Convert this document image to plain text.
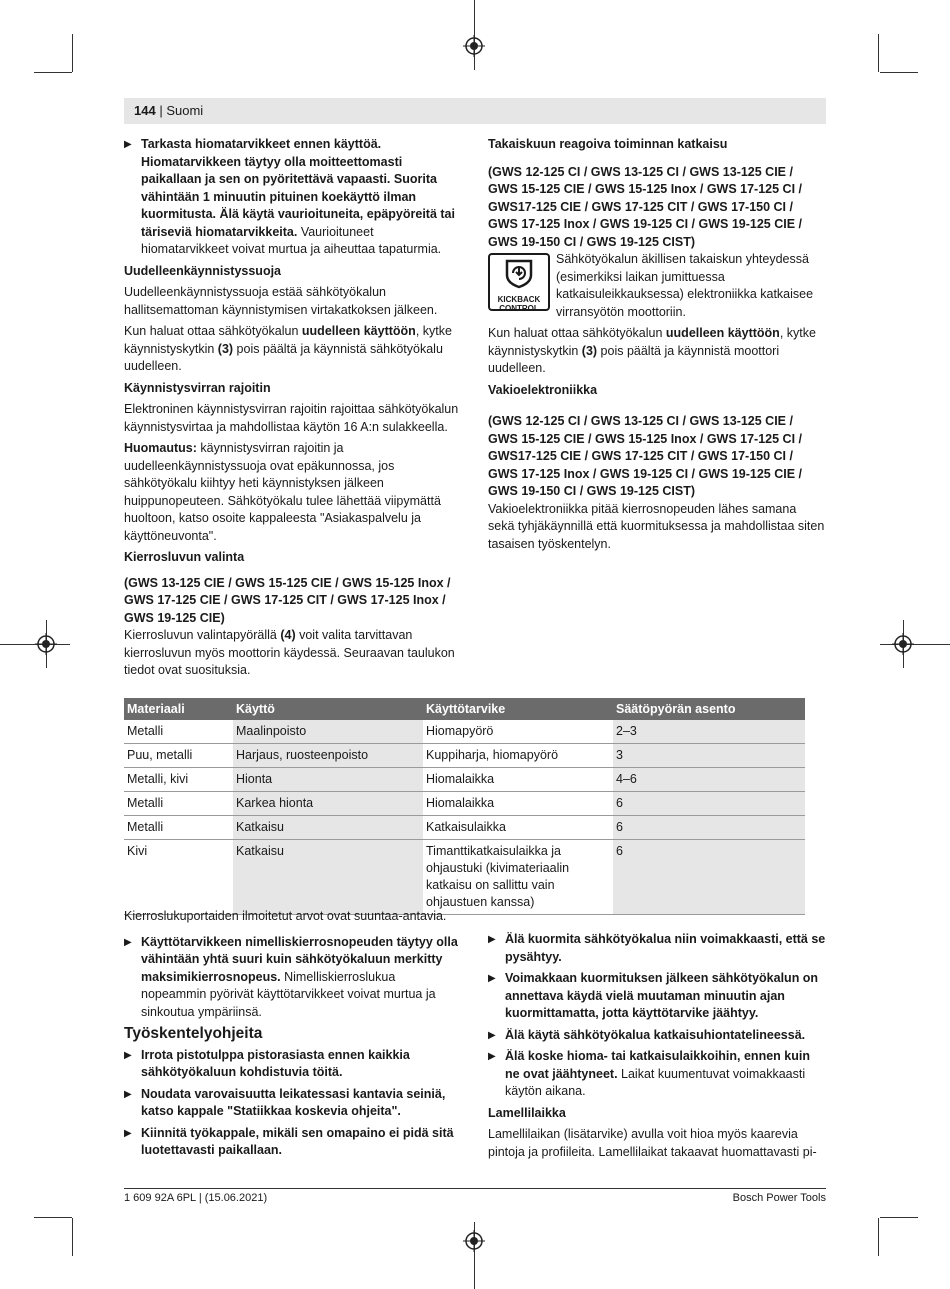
144 | Suomi

▶ Tarkasta hiomatarvikkeet ennen käyttöä. Hiomatarvikkeen täytyy olla moitteettomasti paikallaan ja sen on pyöritettävä vapaasti. Suorita vähintään 1 minuutin pituinen koekäyttö ilman kuormitusta. Älä käytä vaurioituneita, epäpyöreitä tai täriseviä hiomatarvikkeita. Vaurioituneet hiomatarvikkeet voivat murtua ja aiheuttaa tapaturmia.

Uudelleenkäynnistyssuoja

Uudelleenkäynnistyssuoja estää sähkötyökalun hallitsemattoman käynnistymisen virtakatkoksen jälkeen.

Kun haluat ottaa sähkötyökalun uudelleen käyttöön, kytke käynnistyskytkin (3) pois päältä ja käynnistä sähkötyökalu uudelleen.

Käynnistysvirran rajoitin

Elektroninen käynnistysvirran rajoitin rajoittaa sähkötyökalun käynnistysvirtaa ja mahdollistaa käytön 16 A:n sulakkeella.

Huomautus: käynnistysvirran rajoitin ja uudelleenkäynnistyssuoja ovat epäkunnossa, jos sähkötyökalu kiihtyy heti käynnistyksen jälkeen huippunopeuteen. Sähkötyökalu tulee lähettää viipymättä huoltoon, katso osoite kappaleesta "Asiakaspalvelu ja käyttöneuvonta".

Kierrosluvun valinta

(GWS 13-125 CIE / GWS 15-125 CIE / GWS 15-125 Inox / GWS 17-125 CIE / GWS 17-125 CIT / GWS 17-125 Inox / GWS 19-125 CIE)

Kierrosluvun valintapyörällä (4) voit valita tarvittavan kierrosluvun myös moottorin käydessä. Seuraavan taulukon tiedot ovat suosituksia.

Takaiskuun reagoiva toiminnan katkaisu

(GWS 12-125 CI / GWS 13-125 CI / GWS 13-125 CIE / GWS 15-125 CIE / GWS 15-125 Inox / GWS 17-125 CI / GWS17-125 CIE / GWS 17-125 CIT / GWS 17-150 CI / GWS 17-125 Inox / GWS 19-125 CI / GWS 19-125 CIE / GWS 19-150 CI / GWS 19-125 CIST)

KICKBACK
CONTROL

Sähkötyökalun äkillisen takaiskun yhteydessä (esimerkiksi laikan jumittuessa katkaisuleikkauksessa) elektroniikka katkaisee virransyötön moottoriin.

Kun haluat ottaa sähkötyökalun uudelleen käyttöön, kytke käynnistyskytkin (3) pois päältä ja käynnistä moottori uudelleen.

Vakioelektroniikka

(GWS 12-125 CI / GWS 13-125 CI / GWS 13-125 CIE / GWS 15-125 CIE / GWS 15-125 Inox / GWS 17-125 CI / GWS17-125 CIE / GWS 17-125 CIT / GWS 17-150 CI / GWS 17-125 Inox / GWS 19-125 CI / GWS 19-125 CIE / GWS 19-150 CI / GWS 19-125 CIST)

Vakioelektroniikka pitää kierrosnopeuden lähes samana sekä tyhjäkäynnillä että kuormituksessa ja mahdollistaa siten tasaisen työskentelyn.

Materiaali	Käyttö	Käyttötarvike	Säätöpyörän asento
Metalli	Maalinpoisto	Hiomapyörö	2–3
Puu, metalli	Harjaus, ruosteenpoisto	Kuppiharja, hiomapyörö	3
Metalli, kivi	Hionta	Hiomalaikka	4–6
Metalli	Karkea hionta	Hiomalaikka	6
Metalli	Katkaisu	Katkaisulaikka	6
Kivi	Katkaisu	Timanttikatkaisulaikka ja ohjaustuki (kivimateriaalin katkaisu on sallittu vain ohjaustuen kanssa)	6

Kierroslukuportaiden ilmoitetut arvot ovat suuntaa-antavia.

▶ Käyttötarvikkeen nimelliskierrosnopeuden täytyy olla vähintään yhtä suuri kuin sähkötyökaluun merkitty maksimikierrosnopeus. Nimelliskierroslukua nopeammin pyörivät käyttötarvikkeet voivat murtua ja sinkoutua ympäriinsä.

Työskentelyohjeita

▶ Irrota pistotulppa pistorasiasta ennen kaikkia sähkötyökaluun kohdistuvia töitä.

▶ Noudata varovaisuutta leikatessasi kantavia seiniä, katso kappale "Statiikkaa koskevia ohjeita".

▶ Kiinnitä työkappale, mikäli sen omapaino ei pidä sitä luotettavasti paikallaan.

▶ Älä kuormita sähkötyökalua niin voimakkaasti, että se pysähtyy.

▶ Voimakkaan kuormituksen jälkeen sähkötyökalun on annettava käydä vielä muutaman minuutin ajan kuormittamatta, jotta käyttötarvike jäähtyy.

▶ Älä käytä sähkötyökalua katkaisuhiontatelineessä.

▶ Älä koske hioma- tai katkaisulaikkoihin, ennen kuin ne ovat jäähtyneet. Laikat kuumentuvat voimakkaasti käytön aikana.

Lamellilaikka

Lamellilaikan (lisätarvike) avulla voit hioa myös kaarevia pintoja ja profiileita. Lamellilaikat takaavat huomattavasti pi-

1 609 92A 6PL | (15.06.2021)	Bosch Power Tools
